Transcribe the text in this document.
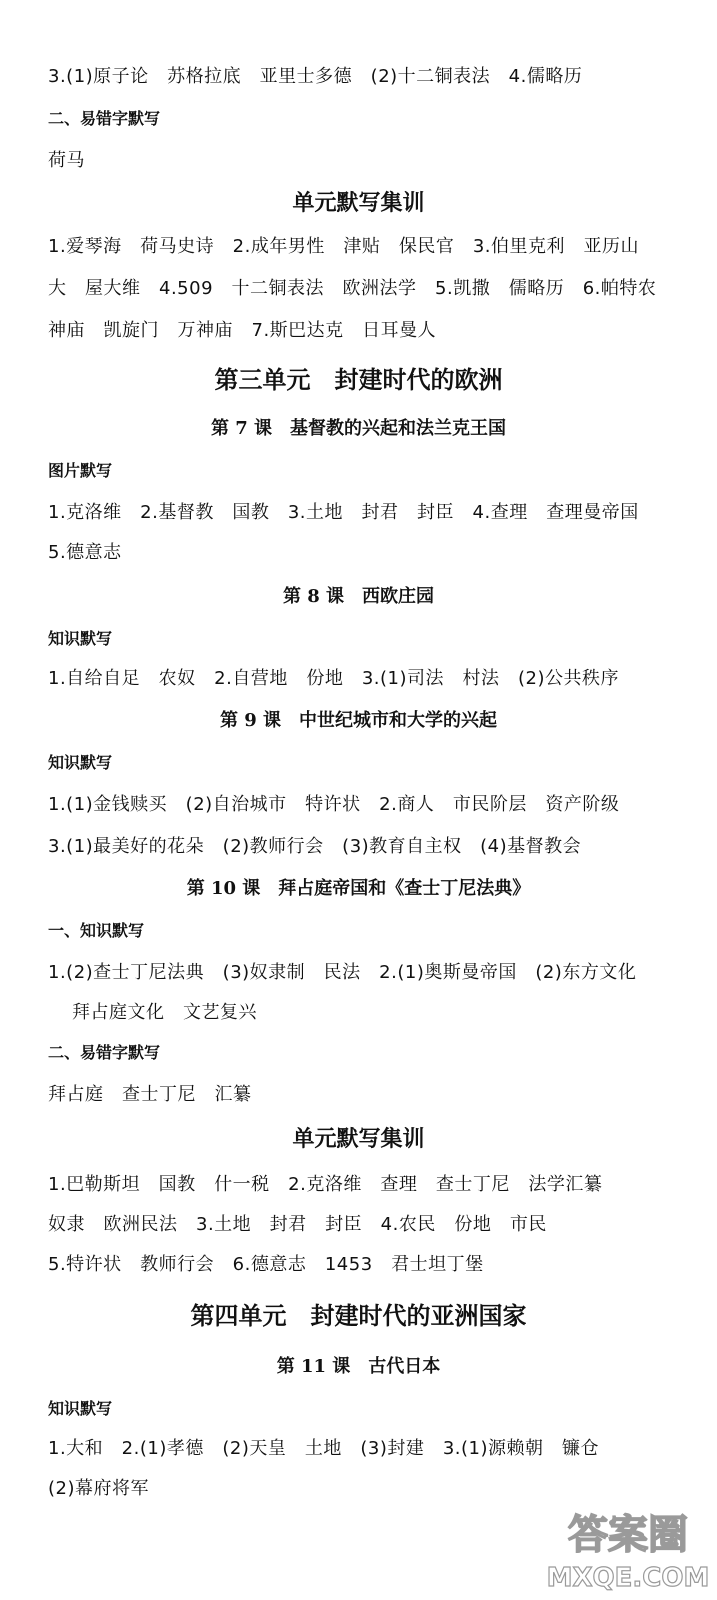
3.(1)原子论　苏格拉底　亚里士多德　(2)十二铜表法　4.儒略历
二、易错字默写
荷马
单元默写集训
1.爱琴海　荷马史诗　2.成年男性　津贴　保民官　3.伯里克利　亚历山
大　屋大维　4.509　十二铜表法　欧洲法学　5.凯撒　儒略历　6.帕特农
神庙　凯旋门　万神庙　7.斯巴达克　日耳曼人
第三单元　封建时代的欧洲
第 7 课　基督教的兴起和法兰克王国
图片默写
1.克洛维　2.基督教　国教　3.土地　封君　封臣　4.查理　查理曼帝国
5.德意志
第 8 课　西欧庄园
知识默写
1.自给自足　农奴　2.自营地　份地　3.(1)司法　村法　(2)公共秩序
第 9 课　中世纪城市和大学的兴起
知识默写
1.(1)金钱赎买　(2)自治城市　特许状　2.商人　市民阶层　资产阶级
3.(1)最美好的花朵　(2)教师行会　(3)教育自主权　(4)基督教会
第 10 课　拜占庭帝国和《查士丁尼法典》
一、知识默写
1.(2)查士丁尼法典　(3)奴隶制　民法　2.(1)奥斯曼帝国　(2)东方文化
拜占庭文化　文艺复兴
二、易错字默写
拜占庭　查士丁尼　汇纂
单元默写集训
1.巴勒斯坦　国教　什一税　2.克洛维　查理　查士丁尼　法学汇纂
奴隶　欧洲民法　3.土地　封君　封臣　4.农民　份地　市民
5.特许状　教师行会　6.德意志　1453　君士坦丁堡
第四单元　封建时代的亚洲国家
第 11 课　古代日本
知识默写
1.大和　2.(1)孝德　(2)天皇　土地　(3)封建　3.(1)源赖朝　镰仓
(2)幕府将军
答案圈
MXQE.COM
